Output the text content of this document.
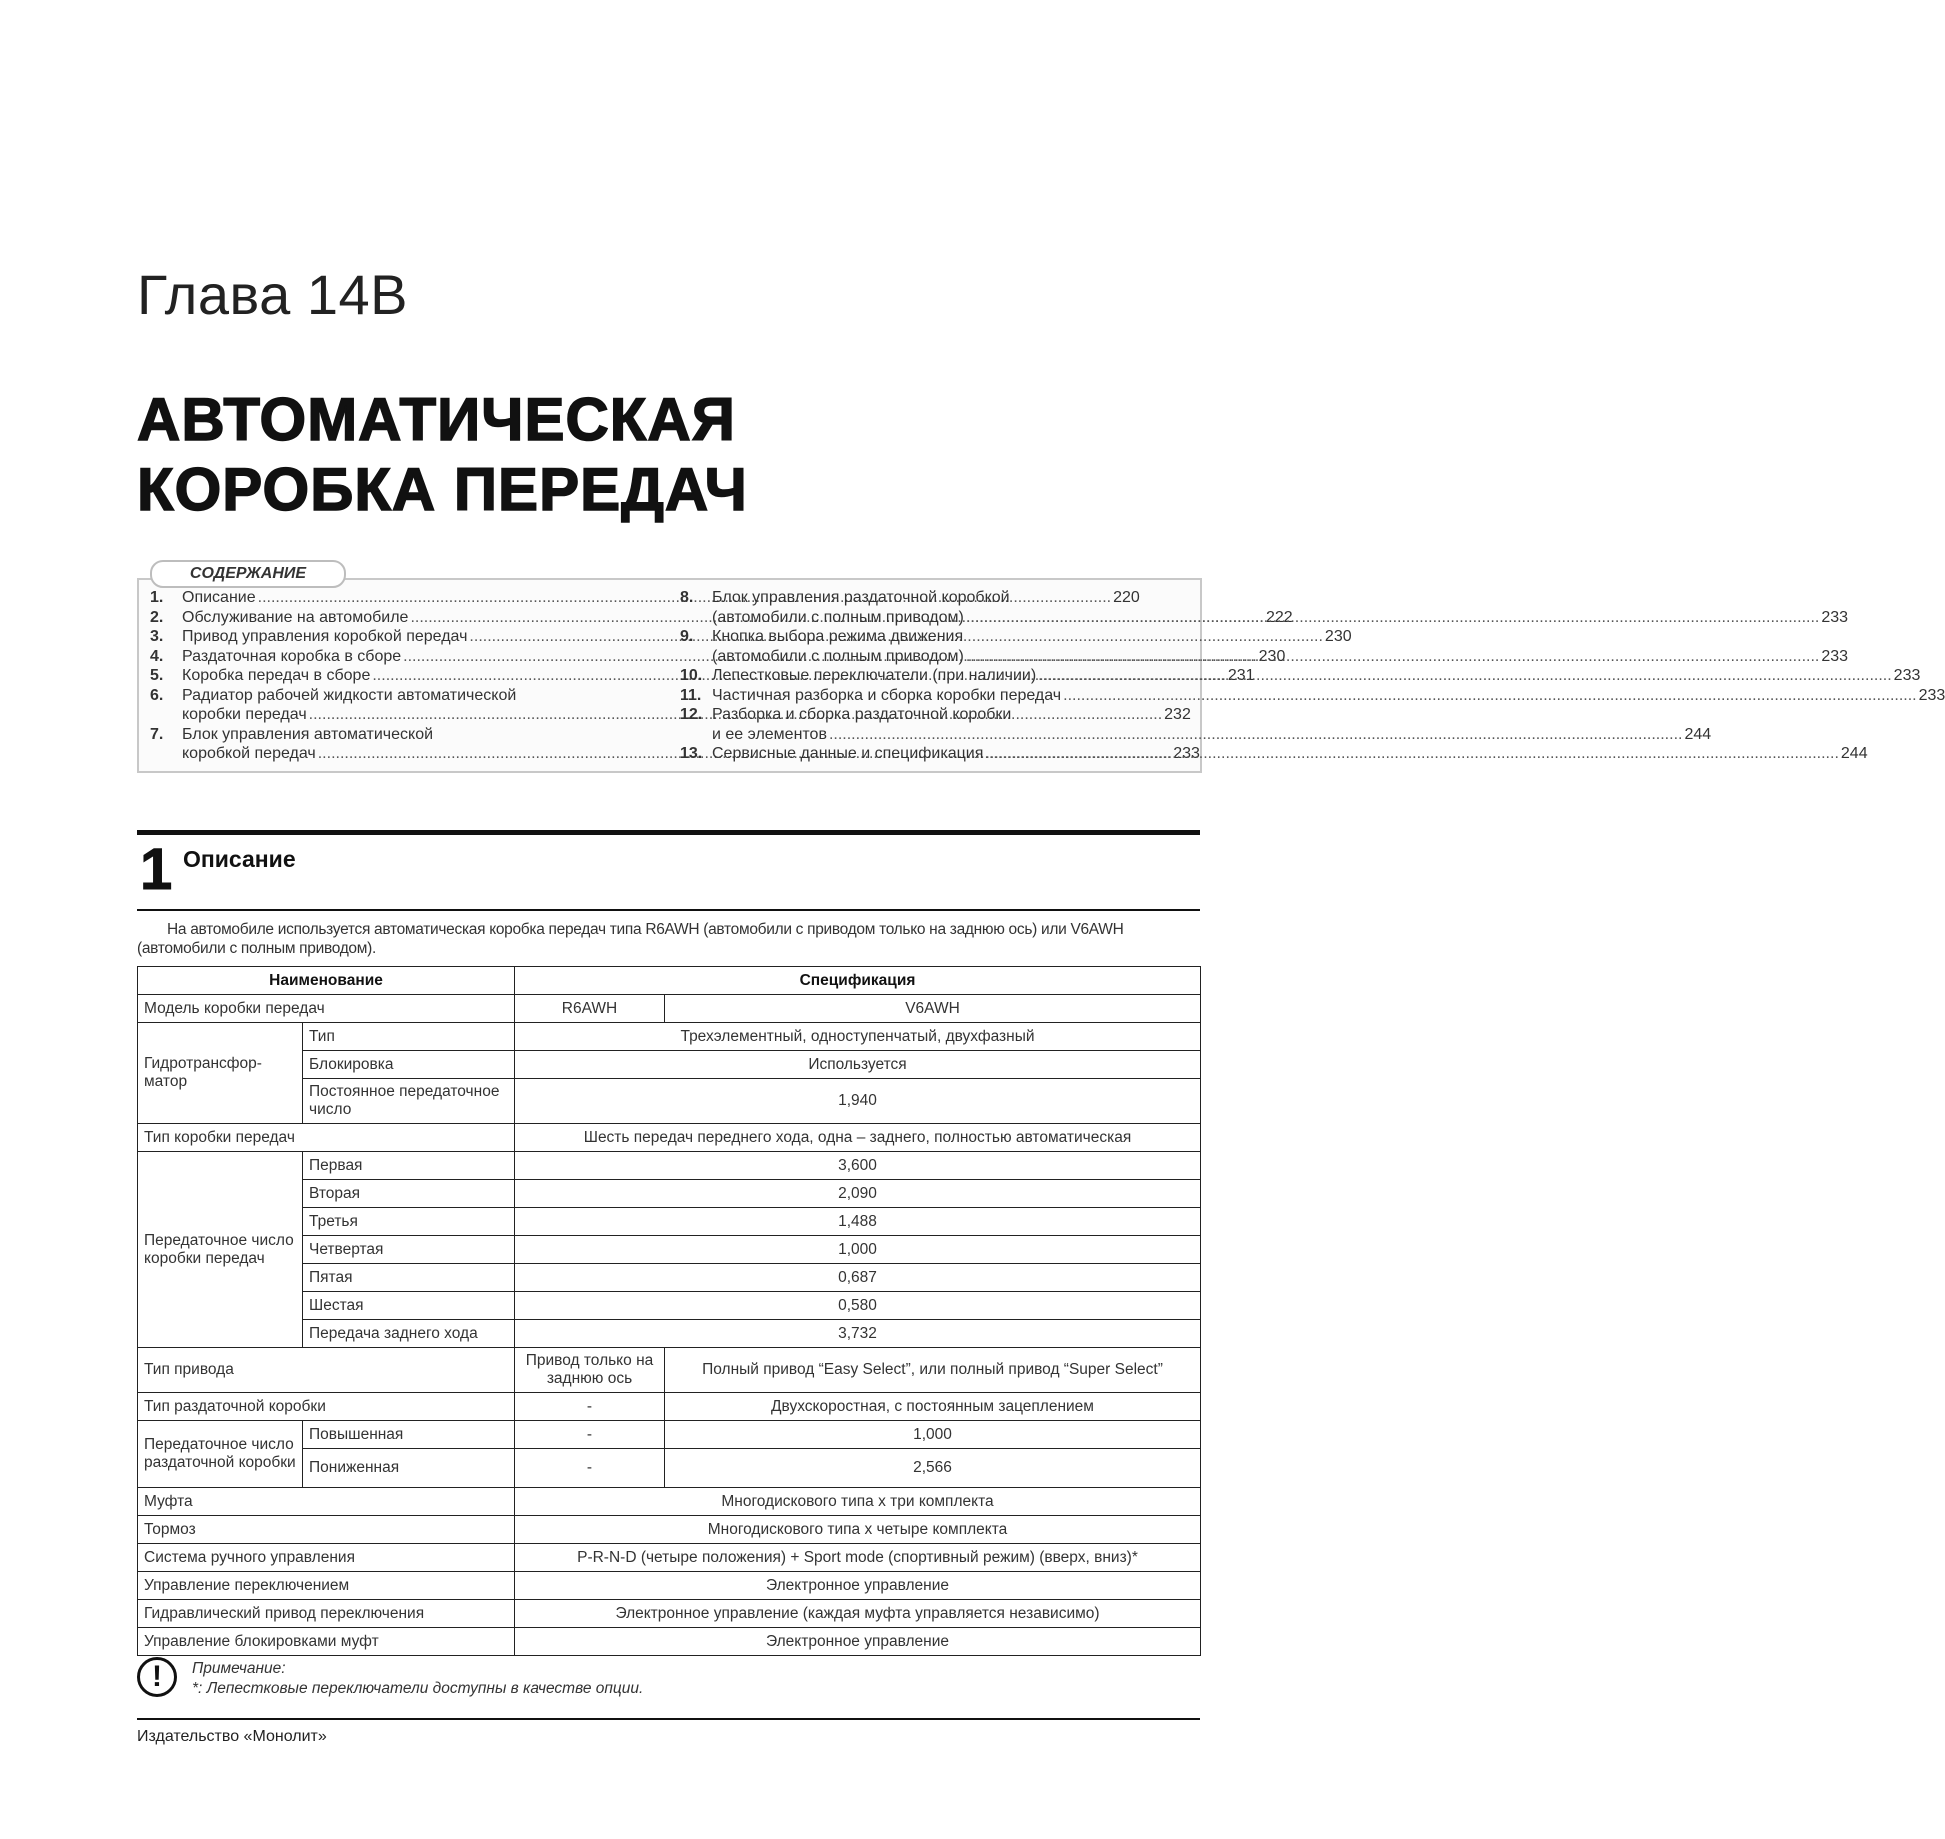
Глава 14В
АВТОМАТИЧЕСКАЯ
КОРОБКА ПЕРЕДАЧ
СОДЕРЖАНИЕ
1.	Описание .....	220
2.	Обслуживание на автомобиле .....	222
3.	Привод управления коробкой передач .....	230
4.	Раздаточная коробка в сборе .....	230
5.	Коробка передач в сборе .....	231
6.	Радиатор рабочей жидкости автоматической
коробки передач .....	232
7.	Блок управления автоматической
коробкой передач .....	233
8.	Блок управления раздаточной коробкой
(автомобили с полным приводом) .....	233
9.	Кнопка выбора режима движения
(автомобили с полным приводом) .....	233
10. Лепестковые переключатели (при наличии) .....	233
11. Частичная разборка и сборка коробки передач .....	233
12. Разборка и сборка раздаточной коробки
и ее элементов .....	244
13. Сервисные данные и спецификация .....	244
1 Описание
На автомобиле используется автоматическая коробка передач типа R6AWH (автомобили с приводом только на заднюю ось) или V6AWH (автомобили с полным приводом).
Наименование		Спецификация	
Модель коробки передач		R6AWH	V6AWH
Гидротрансфор-матор	Тип	Трехэлементный, одноступенчатый, двухфазный	
	Блокировка	Используется	
	Постоянное передаточное число	1,940	
Тип коробки передач		Шесть передач переднего хода, одна – заднего, полностью автоматическая	
Передаточное число коробки передач	Первая	3,600	
	Вторая	2,090	
	Третья	1,488	
	Четвертая	1,000	
	Пятая	0,687	
	Шестая	0,580	
	Передача заднего хода	3,732	
Тип привода		Привод только на заднюю ось	Полный привод “Easy Select”, или полный привод “Super Select”
Тип раздаточной коробки		-	Двухскоростная, с постоянным зацеплением
Передаточное число раздаточной коробки	Повышенная	-	1,000
	Пониженная	-	2,566
Муфта		Многодискового типа x три комплекта	
Тормоз		Многодискового типа x четыре комплекта	
Система ручного управления		P-R-N-D (четыре положения) + Sport mode (спортивный режим) (вверх, вниз)*	
Управление переключением		Электронное управление	
Гидравлический привод переключения		Электронное управление (каждая муфта управляется независимо)	
Управление блокировками муфт		Электронное управление	
!	Примечание:
*: Лепестковые переключатели доступны в качестве опции.
Издательство «Монолит»
